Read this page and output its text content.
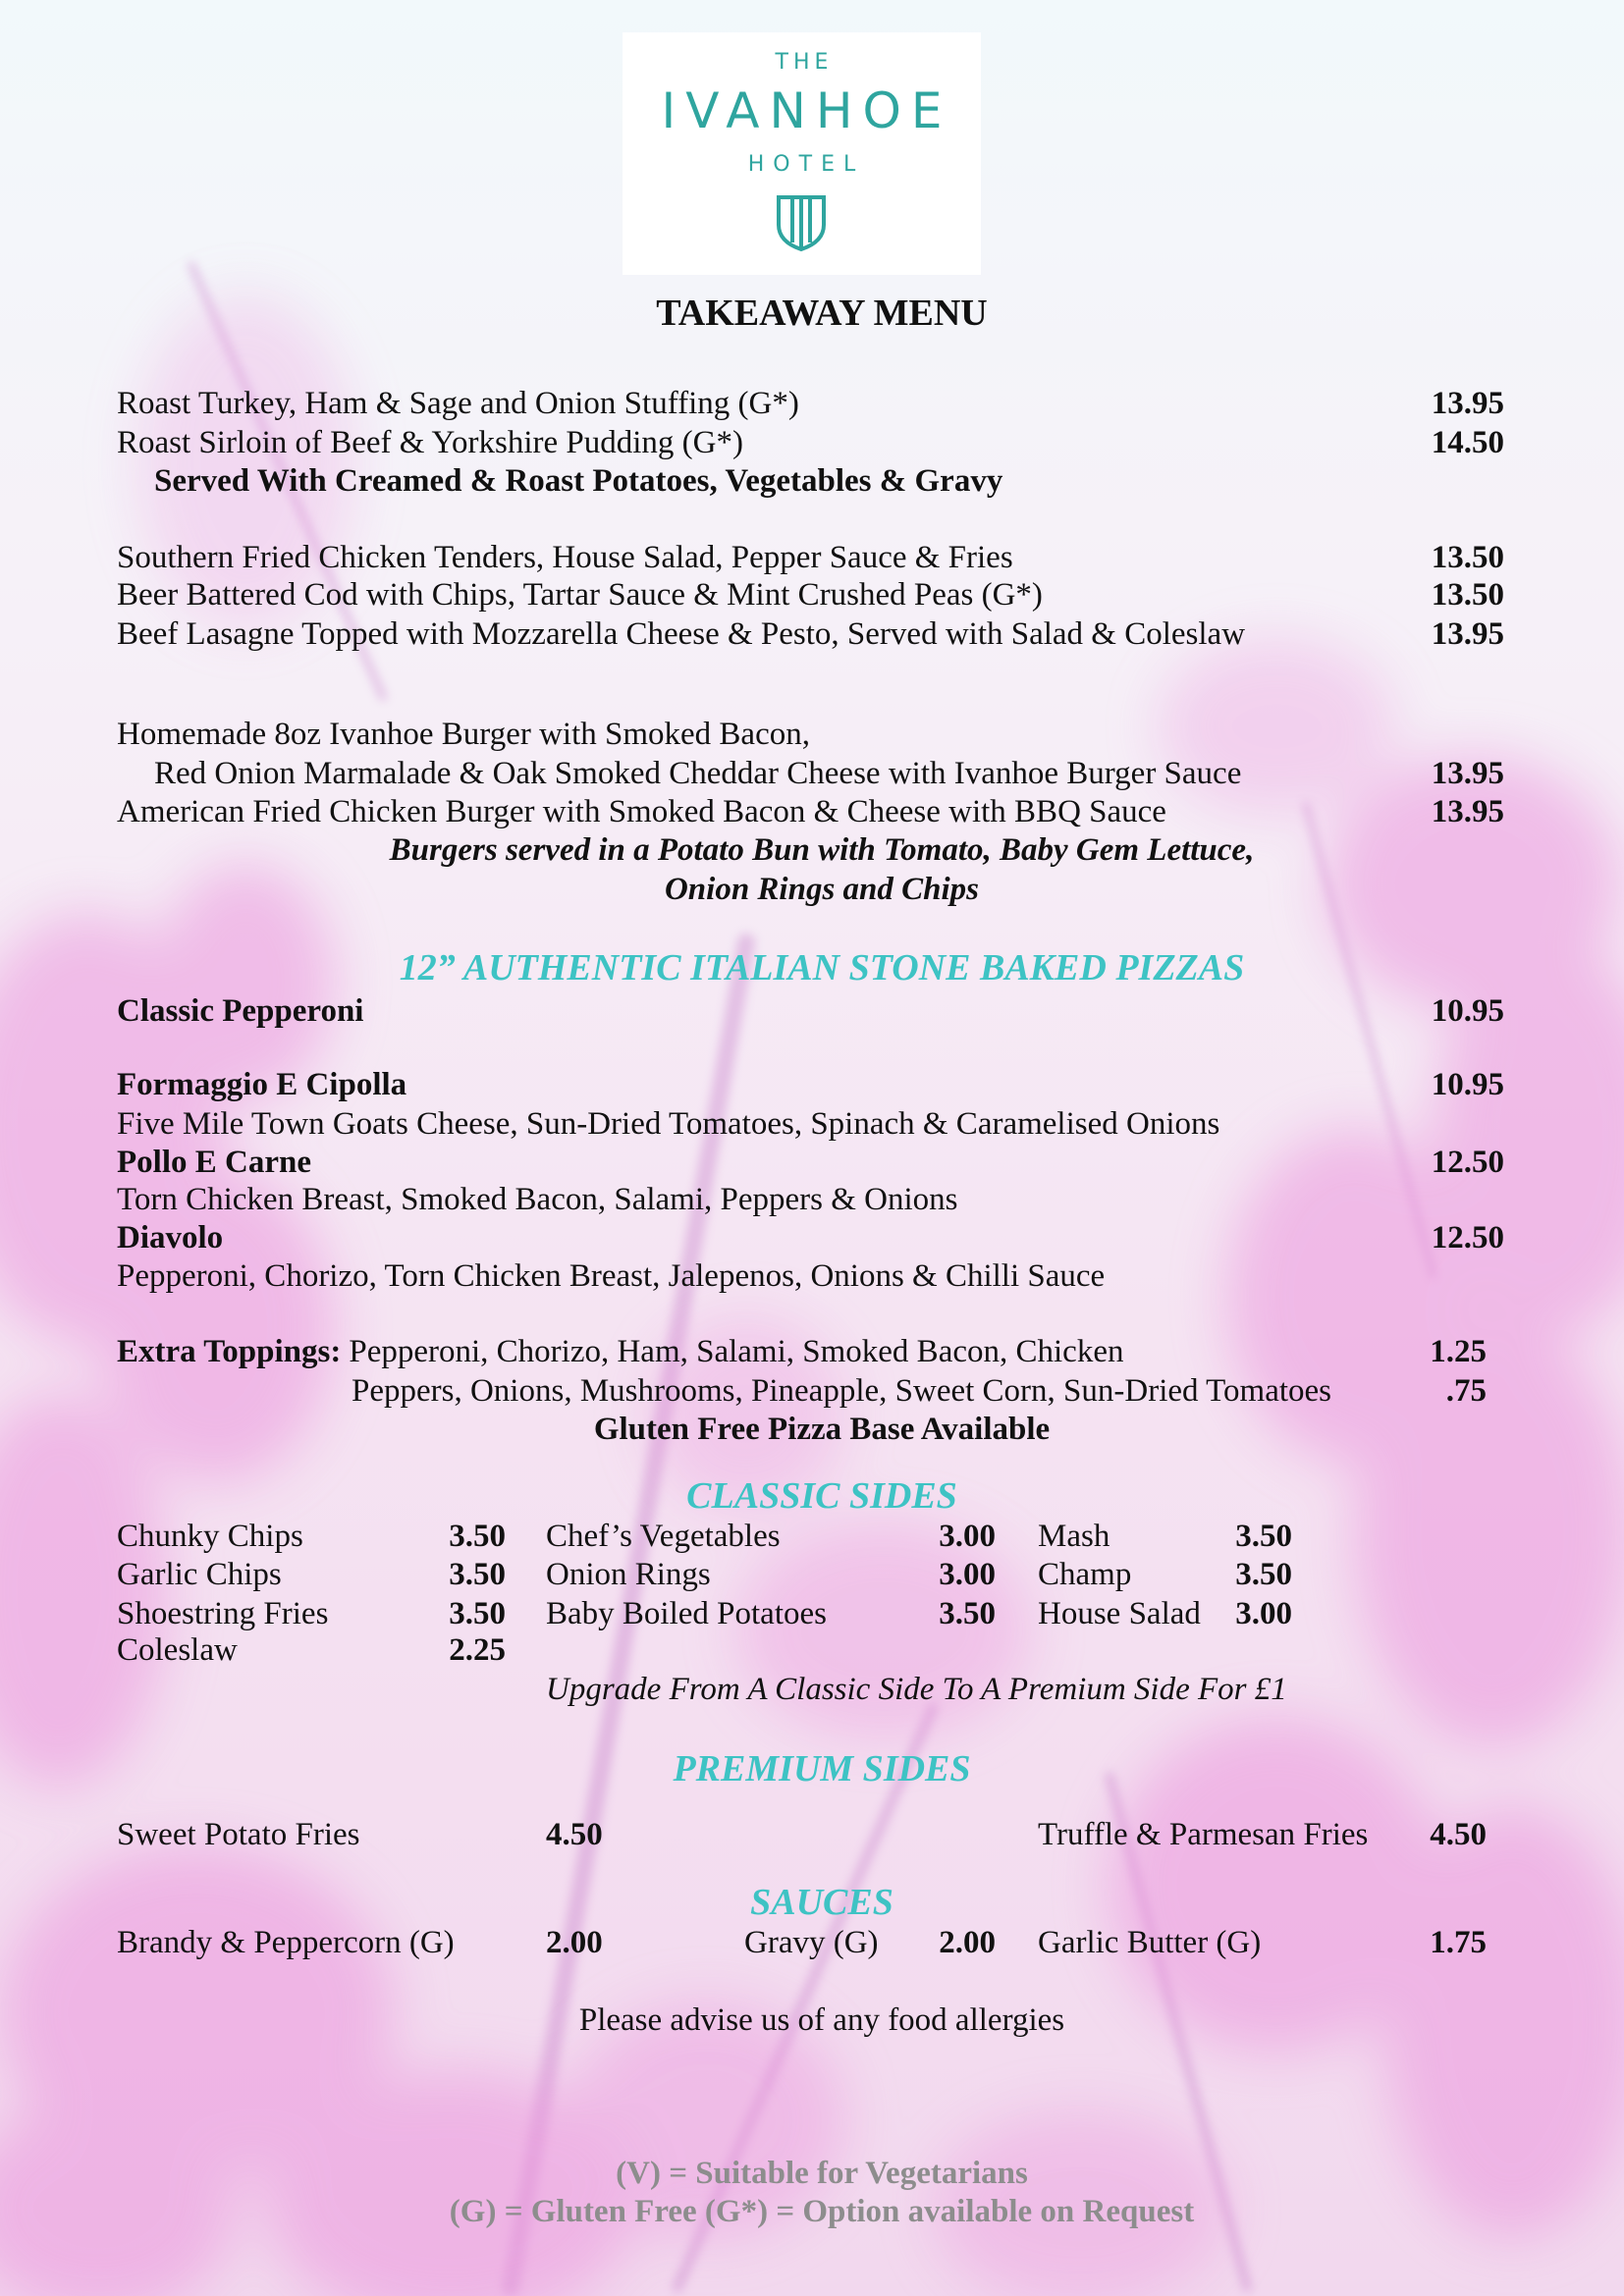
THE
IVANHOE
HOTEL
TAKEAWAY MENU
Roast Turkey, Ham & Sage and Onion Stuffing (G*)	13.95
Roast Sirloin of Beef & Yorkshire Pudding (G*)	14.50
Served With Creamed & Roast Potatoes, Vegetables & Gravy
Southern Fried Chicken Tenders, House Salad, Pepper Sauce & Fries	13.50
Beer Battered Cod with Chips, Tartar Sauce & Mint Crushed Peas (G*)	13.50
Beef Lasagne Topped with Mozzarella Cheese & Pesto, Served with Salad & Coleslaw	13.95
Homemade 8oz Ivanhoe Burger with Smoked Bacon,
Red Onion Marmalade & Oak Smoked Cheddar Cheese with Ivanhoe Burger Sauce	13.95
American Fried Chicken Burger with Smoked Bacon & Cheese with BBQ Sauce	13.95
Burgers served in a Potato Bun with Tomato, Baby Gem Lettuce,
Onion Rings and Chips
12” AUTHENTIC ITALIAN STONE BAKED PIZZAS
Classic Pepperoni	10.95
Formaggio E Cipolla	10.95
Five Mile Town Goats Cheese, Sun-Dried Tomatoes, Spinach & Caramelised Onions
Pollo E Carne	12.50
Torn Chicken Breast, Smoked Bacon, Salami, Peppers & Onions
Diavolo	12.50
Pepperoni, Chorizo, Torn Chicken Breast, Jalepenos, Onions & Chilli Sauce
Extra Toppings: Pepperoni, Chorizo, Ham, Salami, Smoked Bacon, Chicken	1.25
Peppers, Onions, Mushrooms, Pineapple, Sweet Corn, Sun-Dried Tomatoes	.75
Gluten Free Pizza Base Available
CLASSIC SIDES
Chunky Chips	3.50 Chef’s Vegetables	3.00 Mash	3.50
Garlic Chips	3.50 Onion Rings	3.00 Champ	3.50
Shoestring Fries	3.50 Baby Boiled Potatoes	3.50 House Salad 3.00
Coleslaw	2.25
Upgrade From A Classic Side To A Premium Side For £1
PREMIUM SIDES
Sweet Potato Fries	4.50	Truffle & Parmesan Fries 4.50
SAUCES
Brandy & Peppercorn (G)	2.00	Gravy (G) 2.00 Garlic Butter (G)	1.75
Please advise us of any food allergies
(V) = Suitable for Vegetarians
(G) = Gluten Free (G*) = Option available on Request
